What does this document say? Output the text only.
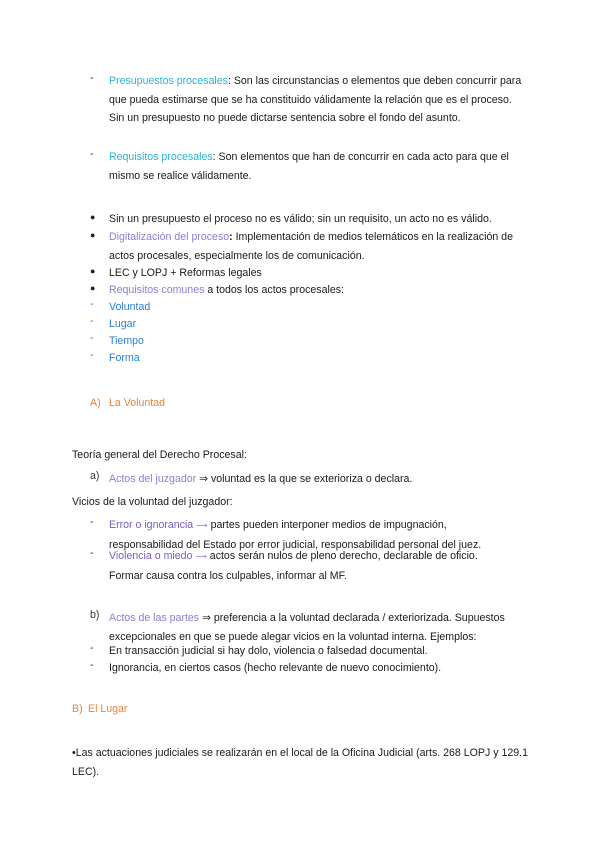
- Presupuestos procesales: Son las circunstancias o elementos que deben concurrir para que pueda estimarse que se ha constituido válidamente la relación que es el proceso. Sin un presupuesto no puede dictarse sentencia sobre el fondo del asunto.
- Requisitos procesales: Son elementos que han de concurrir en cada acto para que el mismo se realice válidamente.
● Sin un presupuesto el proceso no es válido; sin un requisito, un acto no es válido.
● Digitalización del proceso: Implementación de medios telemáticos en la realización de actos procesales, especialmente los de comunicación.
● LEC y LOPJ + Reformas legales
● Requisitos comunes a todos los actos procesales:
- Voluntad
- Lugar
- Tiempo
- Forma
A) La Voluntad
Teoría general del Derecho Procesal:
a) Actos del juzgador ⇒ voluntad es la que se exterioriza o declara.
Vicios de la voluntad del juzgador:
- Error o ignorancia ⟿ partes pueden interponer medios de impugnación, responsabilidad del Estado por error judicial, responsabilidad personal del juez.
- Violencia o miedo ⟿ actos serán nulos de pleno derecho, declarable de oficio. Formar causa contra los culpables, informar al MF.
b) Actos de las partes ⇒ preferencia a la voluntad declarada / exteriorizada. Supuestos excepcionales en que se puede alegar vicios en la voluntad interna. Ejemplos:
- En transacción judicial si hay dolo, violencia o falsedad documental.
- Ignorancia, en ciertos casos (hecho relevante de nuevo conocimiento).
B) El Lugar
•Las actuaciones judiciales se realizarán en el local de la Oficina Judicial (arts. 268 LOPJ y 129.1 LEC).
